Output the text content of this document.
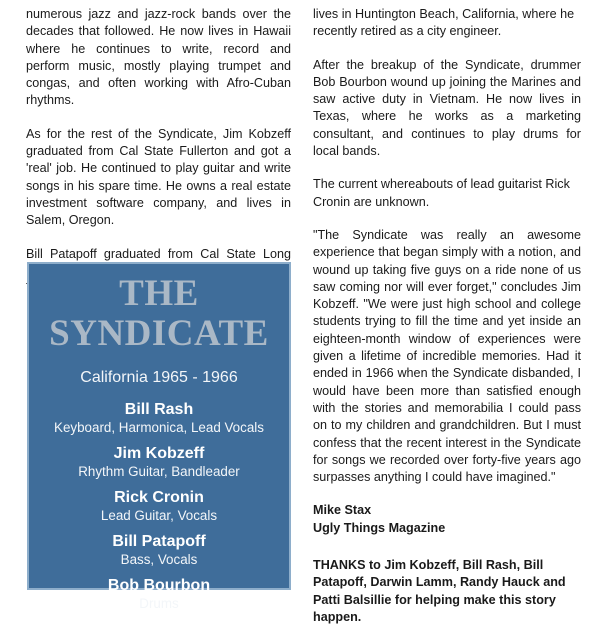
numerous jazz and jazz-rock bands over the decades that followed. He now lives in Hawaii where he continues to write, record and perform music, mostly playing trumpet and congas, and often working with Afro-Cuban rhythms.

As for the rest of the Syndicate, Jim Kobzeff graduated from Cal State Fullerton and got a 'real' job. He continued to play guitar and write songs in his spare time. He owns a real estate investment software company, and lives in Salem, Oregon.

Bill Patapoff graduated from Cal State Long

THE SYNDICATE
California 1965 - 1966
Bill Rash
Keyboard, Harmonica, Lead Vocals
Jim Kobzeff
Rhythm Guitar, Bandleader
Rick Cronin
Lead Guitar, Vocals
Bill Patapoff
Bass, Vocals
Bob Bourbon
Drums

lives in Huntington Beach, California, where he recently retired as a city engineer.

After the breakup of the Syndicate, drummer Bob Bourbon wound up joining the Marines and saw active duty in Vietnam. He now lives in Texas, where he works as a marketing consultant, and continues to play drums for local bands.

The current whereabouts of lead guitarist Rick Cronin are unknown.

"The Syndicate was really an awesome experience that began simply with a notion, and wound up taking five guys on a ride none of us saw coming nor will ever forget," concludes Jim Kobzeff. "We were just high school and college students trying to fill the time and yet inside an eighteen-month window of experiences were given a lifetime of incredible memories. Had it ended in 1966 when the Syndicate disbanded, I would have been more than satisfied enough with the stories and memorabilia I could pass on to my children and grandchildren. But I must confess that the recent interest in the Syndicate for songs we recorded over forty-five years ago surpasses anything I could have imagined."

Mike Stax
Ugly Things Magazine

THANKS to Jim Kobzeff, Bill Rash, Bill Patapoff, Darwin Lamm, Randy Hauck and Patti Balsillie for helping make this story happen.
